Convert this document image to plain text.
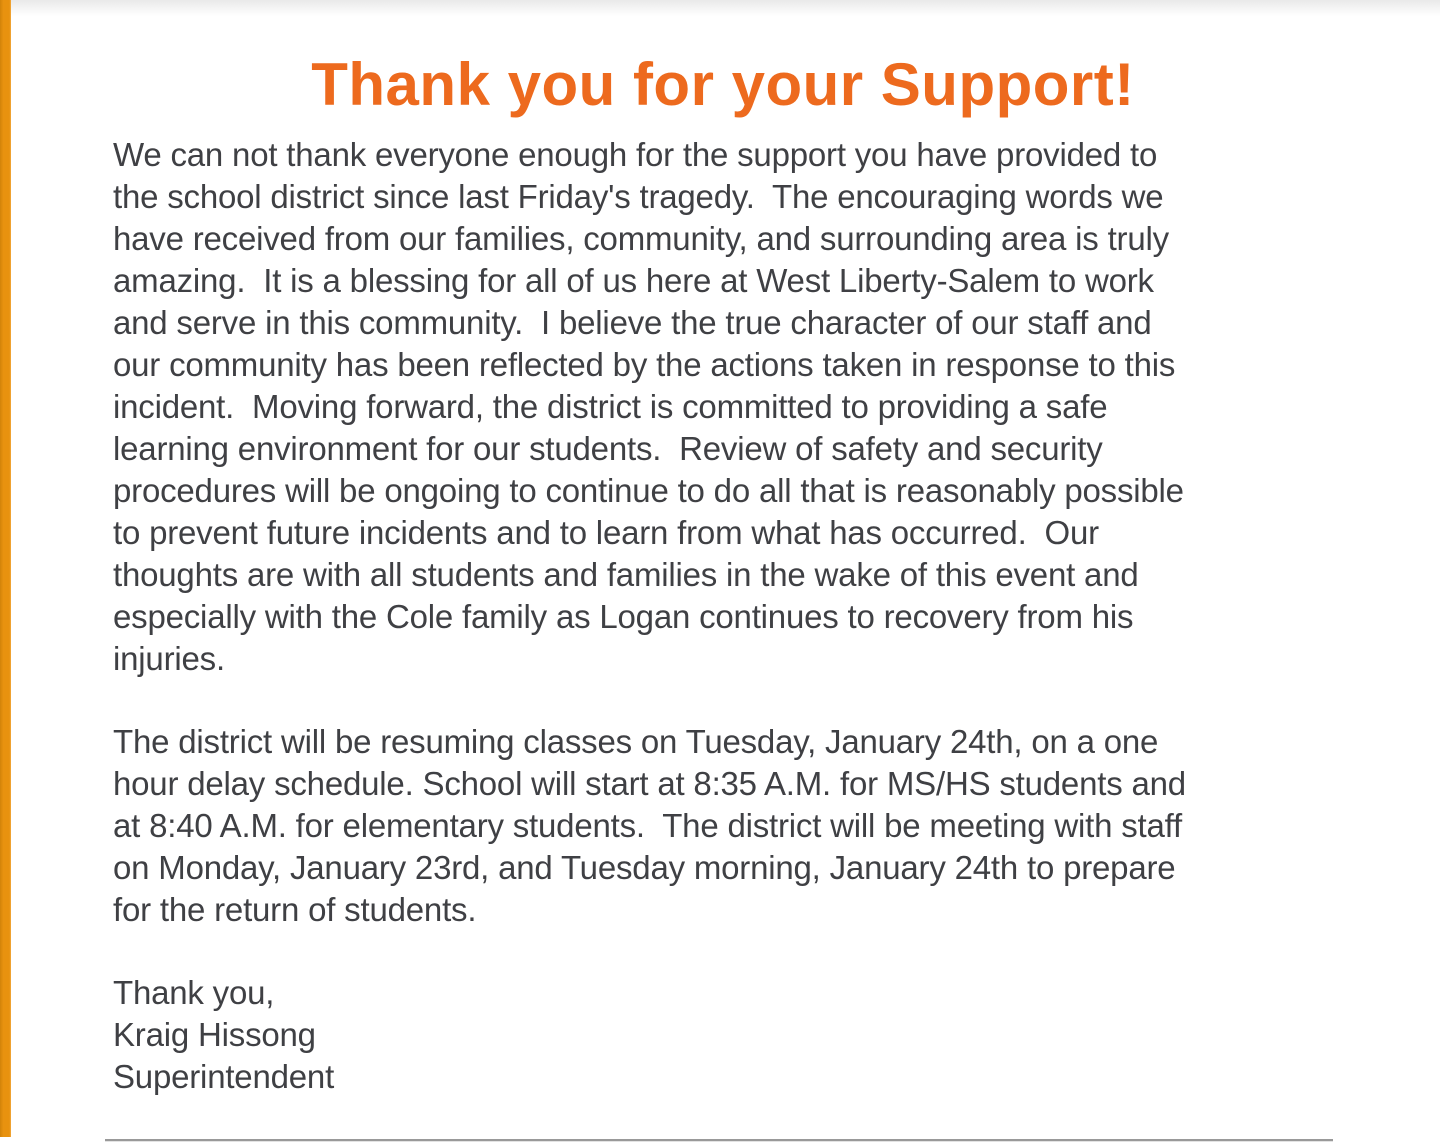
Thank you for your Support!
We can not thank everyone enough for the support you have provided to
the school district since last Friday's tragedy.  The encouraging words we
have received from our families, community, and surrounding area is truly
amazing.  It is a blessing for all of us here at West Liberty-Salem to work
and serve in this community.  I believe the true character of our staff and
our community has been reflected by the actions taken in response to this
incident.  Moving forward, the district is committed to providing a safe
learning environment for our students.  Review of safety and security
procedures will be ongoing to continue to do all that is reasonably possible
to prevent future incidents and to learn from what has occurred.  Our
thoughts are with all students and families in the wake of this event and
especially with the Cole family as Logan continues to recovery from his
injuries.
The district will be resuming classes on Tuesday, January 24th, on a one
hour delay schedule. School will start at 8:35 A.M. for MS/HS students and
at 8:40 A.M. for elementary students.  The district will be meeting with staff
on Monday, January 23rd, and Tuesday morning, January 24th to prepare
for the return of students.
Thank you,
Kraig Hissong
Superintendent
